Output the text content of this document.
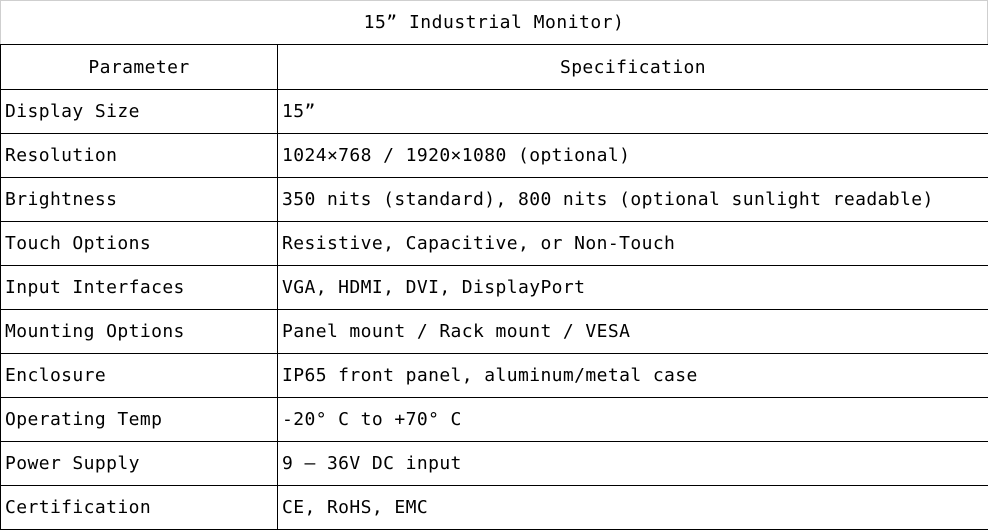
15” Industrial Monitor)
Parameter	Specification
Display Size	15”
Resolution	1024×768 / 1920×1080 (optional)
Brightness	350 nits (standard), 800 nits (optional sunlight readable)
Touch Options	Resistive, Capacitive, or Non-Touch
Input Interfaces	VGA, HDMI, DVI, DisplayPort
Mounting Options	Panel mount / Rack mount / VESA
Enclosure	IP65 front panel, aluminum/metal case
Operating Temp	-20° C to +70° C
Power Supply	9 – 36V DC input
Certification	CE, RoHS, EMC
